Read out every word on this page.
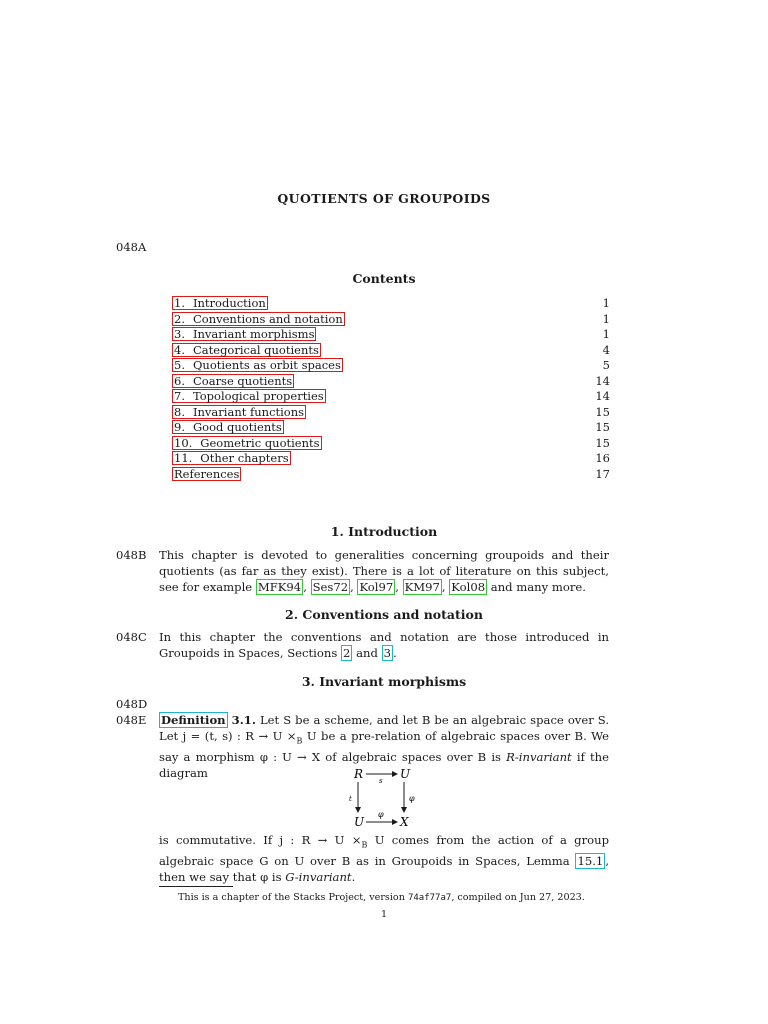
QUOTIENTS OF GROUPOIDS
048A
Contents
1. Introduction	1
2. Conventions and notation	1
3. Invariant morphisms	1
4. Categorical quotients	4
5. Quotients as orbit spaces	5
6. Coarse quotients	14
7. Topological properties	14
8. Invariant functions	15
9. Good quotients	15
10. Geometric quotients	15
11. Other chapters	16
References	17
1. Introduction
048B This chapter is devoted to generalities concerning groupoids and their quotients (as far as they exist). There is a lot of literature on this subject, see for example MFK94 , Ses72 , Kol97 , KM97 , Kol08 and many more.

2. Conventions and notation
048C In this chapter the conventions and notation are those introduced in Groupoids in Spaces, Sections 2 and 3 .

3. Invariant morphisms
048D
048E Definition 3.1. Let S be a scheme, and let B be an algebraic space over S. Let j = (t, s) : $R \to U \times_B$ U be a pre-relation of algebraic spaces over B. We say a morphism φ : U → X of algebraic spaces over B is R-invariant if the diagram	R	U
U	X
s
t	φ
φ

is commutative. If j : $R \to U \times_B$ U comes from the action of a group algebraic space G on U over B as in Groupoids in Spaces, Lemma 15.1 , then we say that φ is G-invariant.

This is a chapter of the Stacks Project, version 74af77a7, compiled on Jun 27, 2023.
1
